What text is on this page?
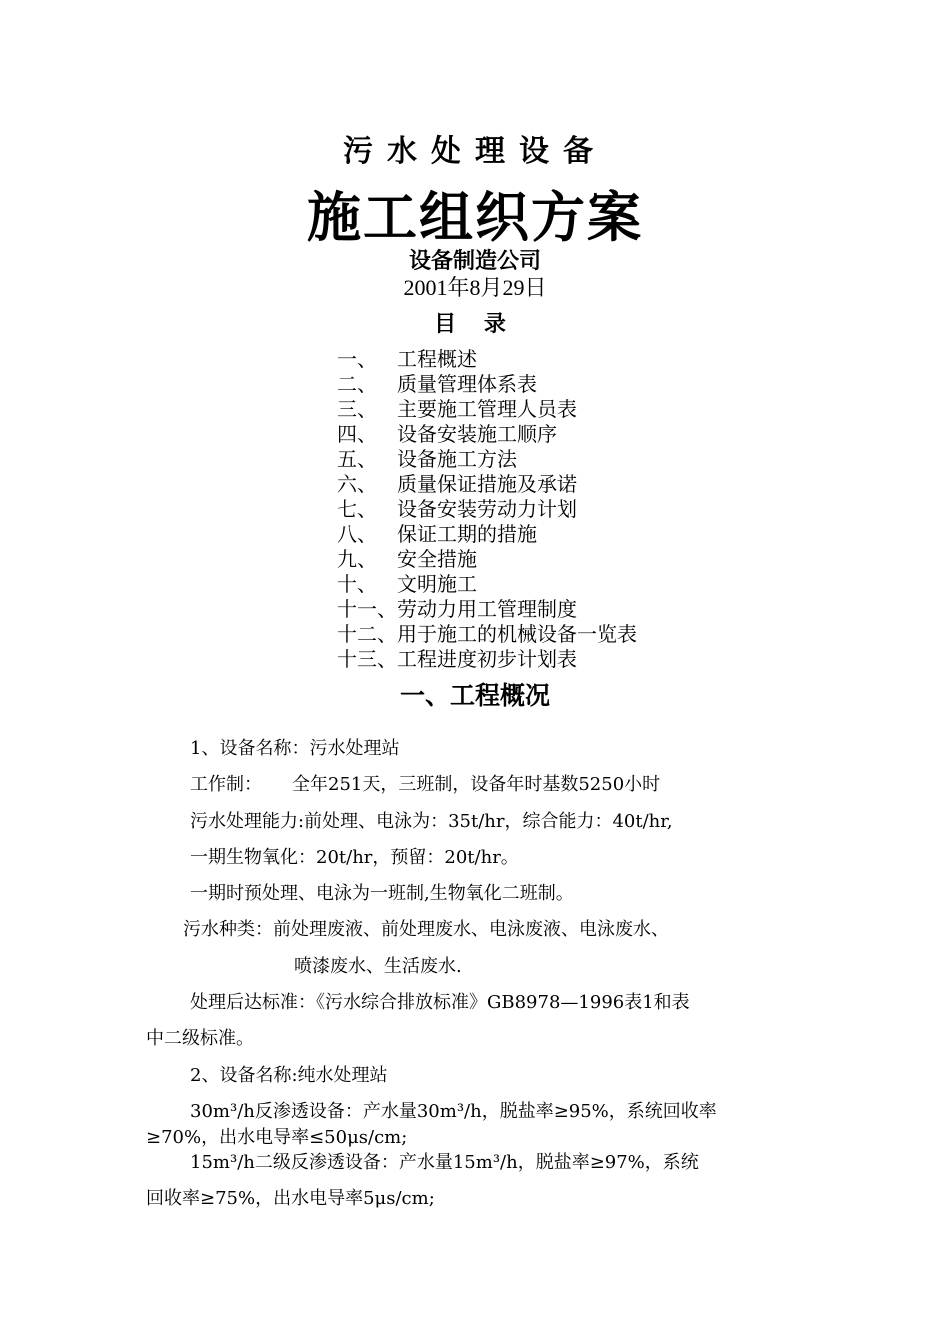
污水处理设备
施工组织方案
设备制造公司
2001年8月29日
目 录
一、 工程概述
二、 质量管理体系表
三、 主要施工管理人员表
四、 设备安装施工顺序
五、 设备施工方法
六、 质量保证措施及承诺
七、 设备安装劳动力计划
八、 保证工期的措施
九、 安全措施
十、 文明施工
十一、劳动力用工管理制度
十二、用于施工的机械设备一览表
十三、工程进度初步计划表
一、工程概况
1、设备名称：污水处理站
工作制： 全年251天，三班制，设备年时基数5250小时
污水处理能力:前处理、电泳为：35t/hr，综合能力：40t/hr,
一期生物氧化：20t/hr，预留：20t/hr。
一期时预处理、电泳为一班制,生物氧化二班制。
污水种类：前处理废液、前处理废水、电泳废液、电泳废水、
喷漆废水、生活废水.
处理后达标准：《污水综合排放标准》GB8978—1996表1和表
中二级标准。
2、设备名称:纯水处理站
30m³/h反渗透设备：产水量30m³/h，脱盐率≥95%，系统回收率
≥70%，出水电导率≤50μs/cm;
15m³/h二级反渗透设备：产水量15m³/h，脱盐率≥97%，系统
回收率≥75%，出水电导率5μs/cm;
